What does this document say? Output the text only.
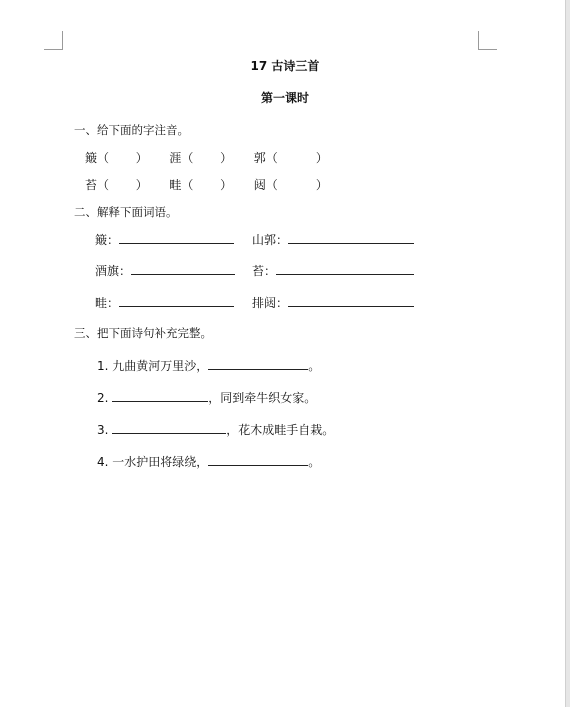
17 古诗三首
第一课时
一、给下面的字注音。
簸（       ） 涯（       ） 郭（          ）
苔（       ） 畦（       ） 闼（          ）
二、解释下面词语。
簸：	山郭：
酒旗：	苔：
畦：	排闼：
三、把下面诗句补充完整。
1. 九曲黄河万里沙，	。
2.	，同到牵牛织女家。
3.	，花木成畦手自栽。
4. 一水护田将绿绕，	。
